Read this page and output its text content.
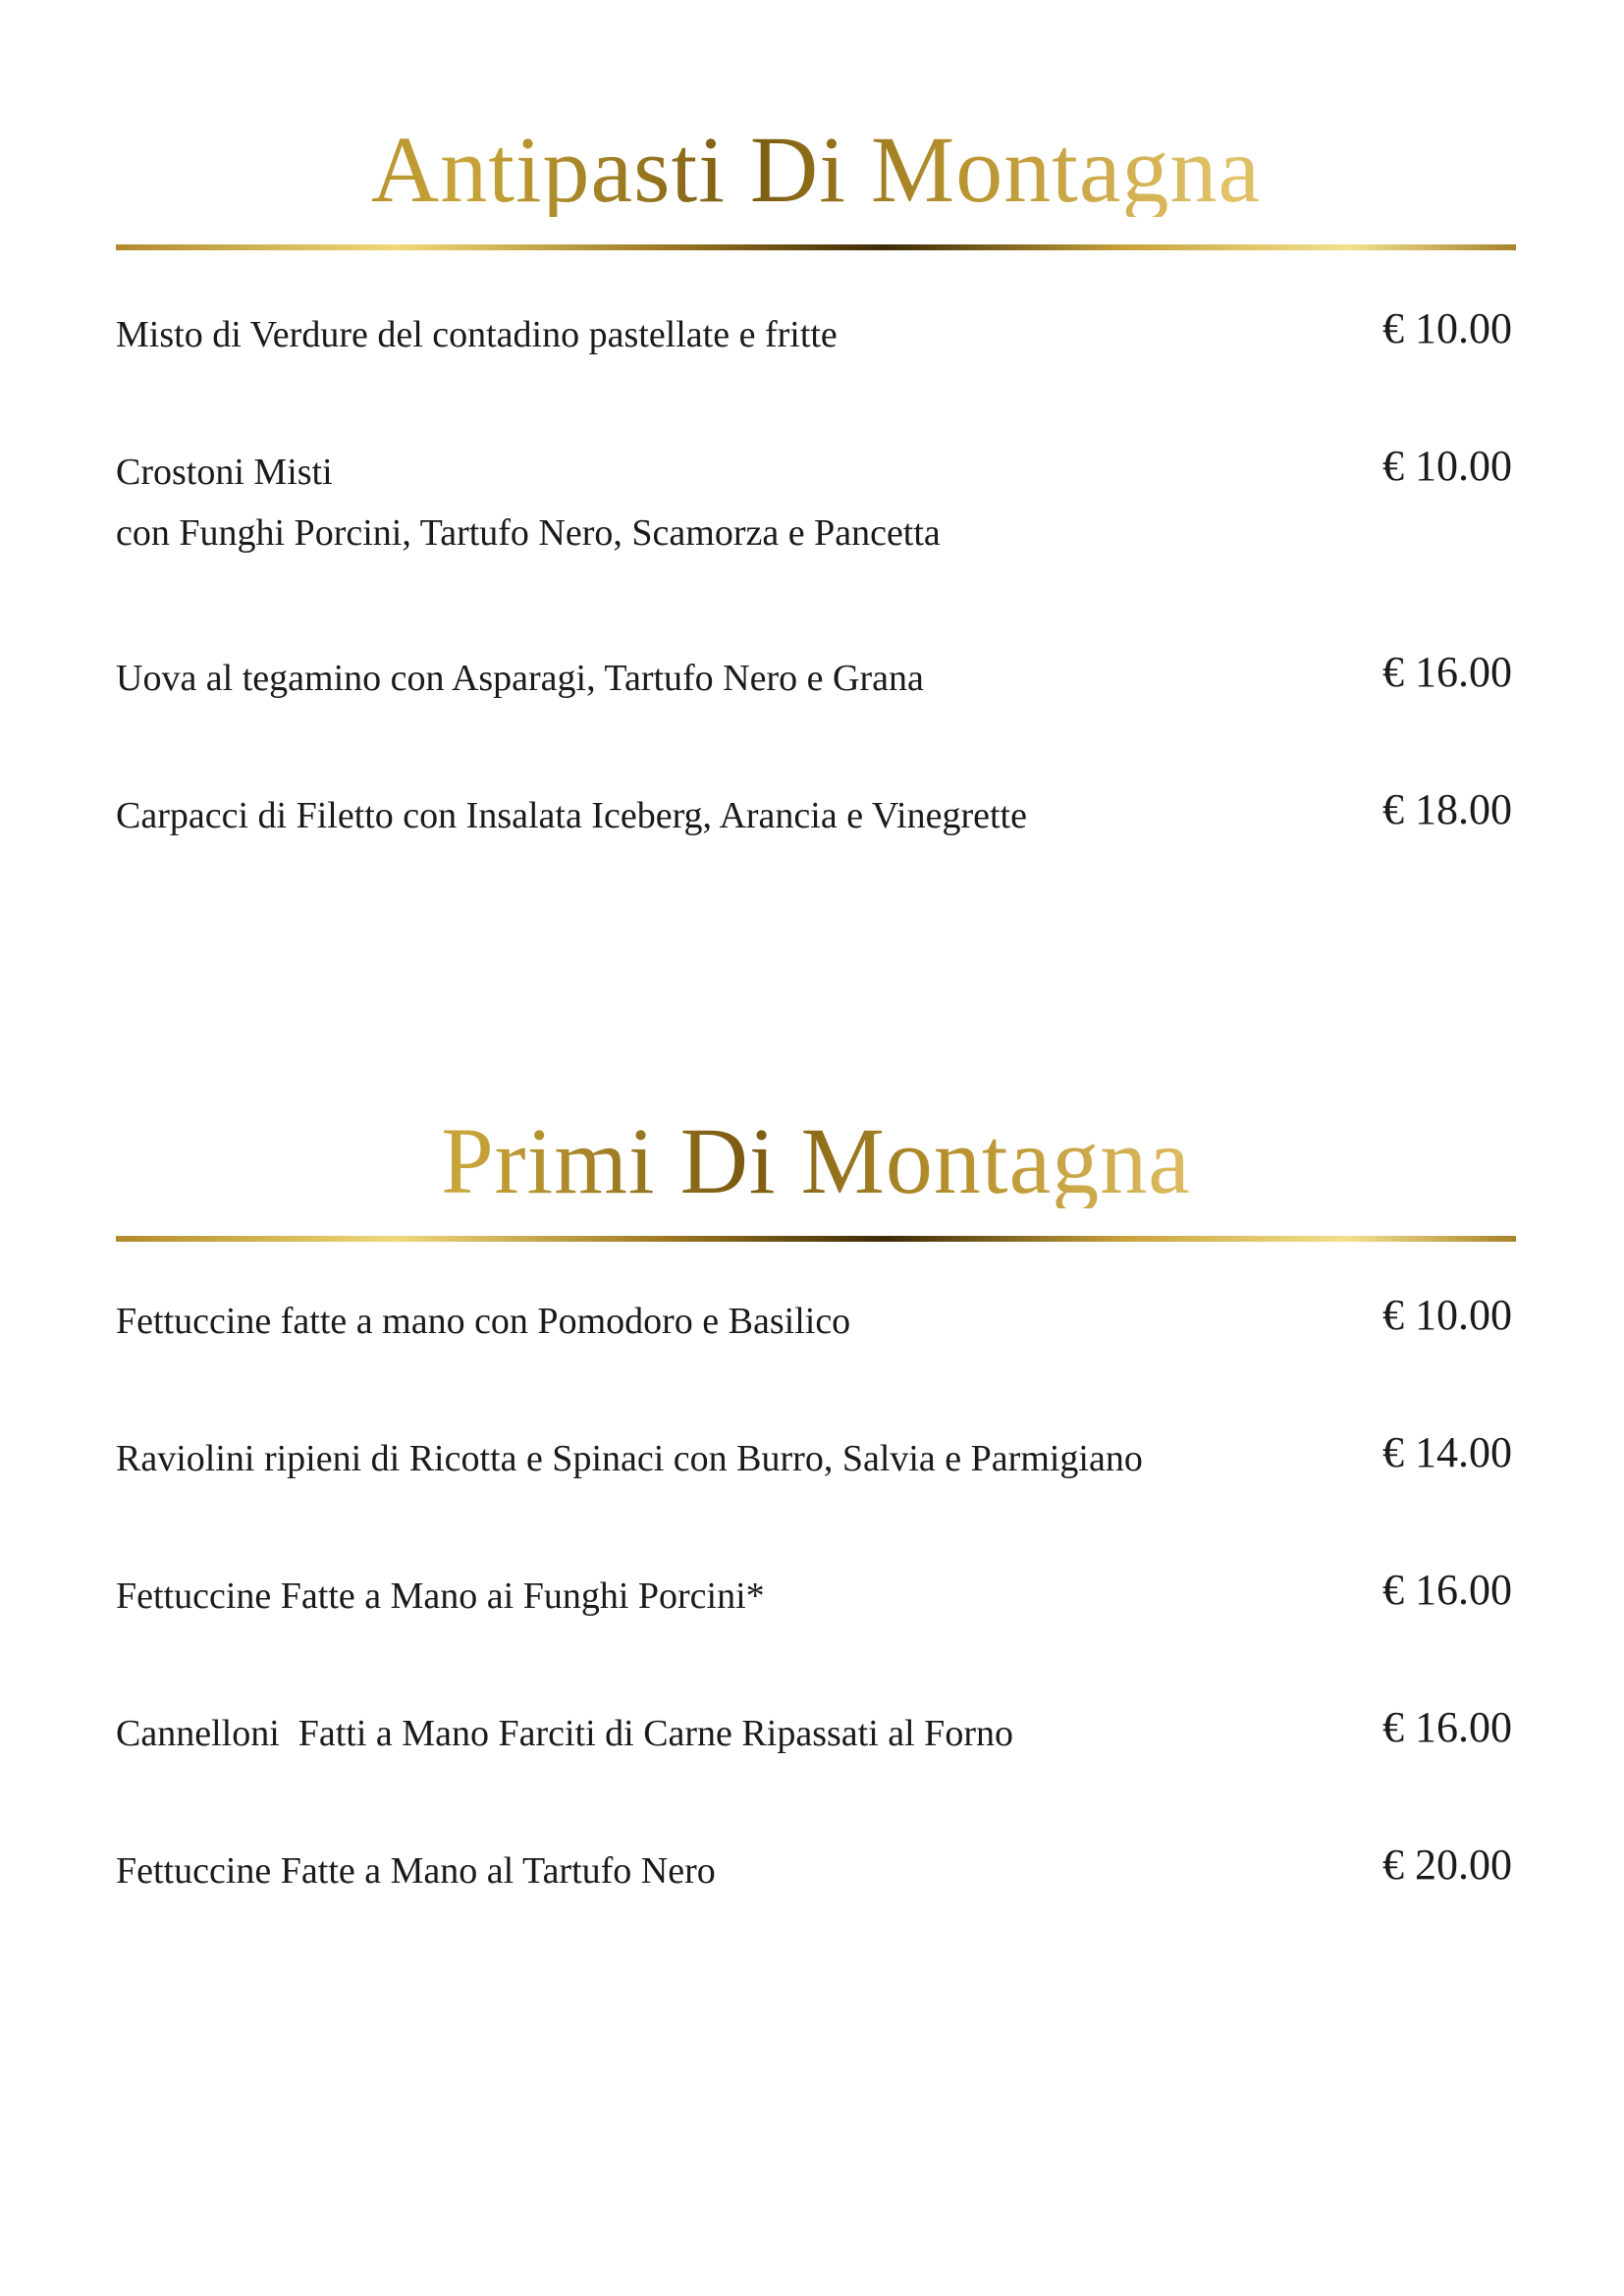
Antipasti Di Montagna
Misto di Verdure del contadino pastellate e fritte	€ 10.00
Crostoni Misti
con Funghi Porcini, Tartufo Nero, Scamorza e Pancetta
€ 10.00
Uova al tegamino con Asparagi, Tartufo Nero e Grana	€ 16.00
Carpacci di Filetto con Insalata Iceberg, Arancia e Vinegrette	€ 18.00
Primi Di Montagna
Fettuccine fatte a mano con Pomodoro e Basilico	€ 10.00
Raviolini ripieni di Ricotta e Spinaci con Burro, Salvia e Parmigiano	€ 14.00
Fettuccine Fatte a Mano ai Funghi Porcini*	€ 16.00
Cannelloni  Fatti a Mano Farciti di Carne Ripassati al Forno	€ 16.00
Fettuccine Fatte a Mano al Tartufo Nero	€ 20.00
